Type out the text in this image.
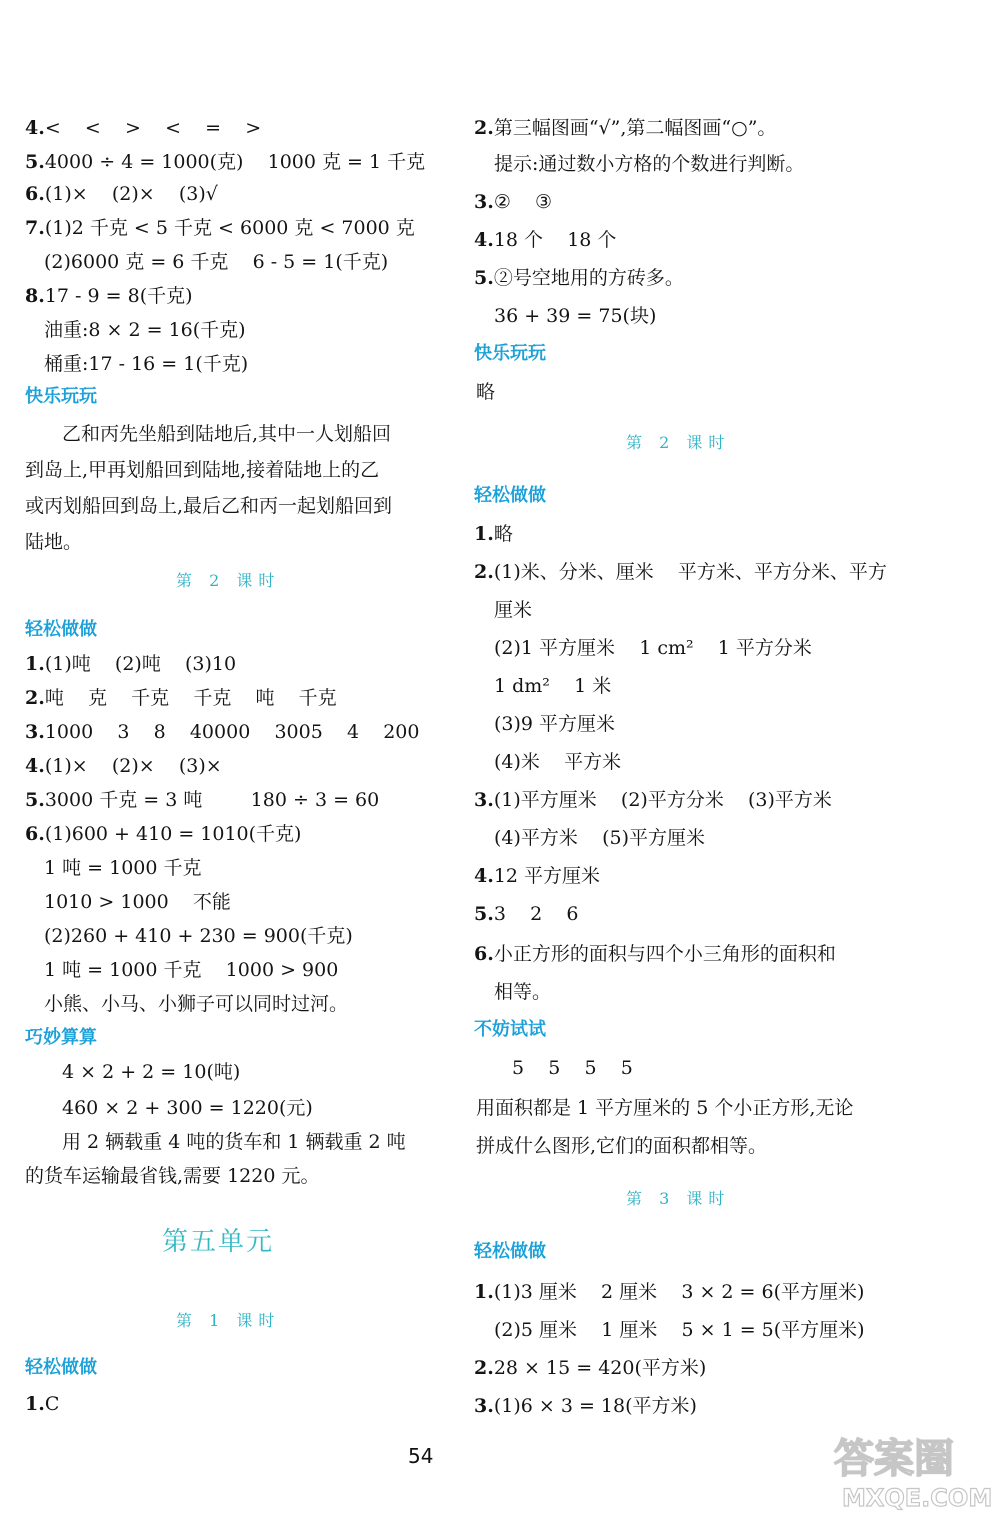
4.<    <    >    <    =    >
5.4000 ÷ 4 = 1000(克)    1000 克 = 1 千克
6.(1)×    (2)×    (3)√
7.(1)2 千克 < 5 千克 < 6000 克 < 7000 克
(2)6000 克 = 6 千克    6 - 5 = 1(千克)
8.17 - 9 = 8(千克)
油重:8 × 2 = 16(千克)
桶重:17 - 16 = 1(千克)
快乐玩玩
乙和丙先坐船到陆地后,其中一人划船回
到岛上,甲再划船回到陆地,接着陆地上的乙
或丙划船回到岛上,最后乙和丙一起划船回到
陆地。
第 2 课时
轻松做做
1.(1)吨    (2)吨    (3)10
2.吨    克    千克    千克    吨    千克
3.1000    3    8    40000    3005    4    200
4.(1)×    (2)×    (3)×
5.3000 千克 = 3 吨        180 ÷ 3 = 60
6.(1)600 + 410 = 1010(千克)
1 吨 = 1000 千克
1010 > 1000    不能
(2)260 + 410 + 230 = 900(千克)
1 吨 = 1000 千克    1000 > 900
小熊、小马、小狮子可以同时过河。
巧妙算算
4 × 2 + 2 = 10(吨)
460 × 2 + 300 = 1220(元)
用 2 辆载重 4 吨的货车和 1 辆载重 2 吨
的货车运输最省钱,需要 1220 元。
第五单元
第 1 课时
轻松做做
1.C
2.第三幅图画“√”,第二幅图画“○”。
提示:通过数小方格的个数进行判断。
3.②    ③
4.18 个    18 个
5.②号空地用的方砖多。
36 + 39 = 75(块)
快乐玩玩
略
第 2 课时
轻松做做
1.略
2.(1)米、分米、厘米    平方米、平方分米、平方
厘米
(2)1 平方厘米    1 cm²    1 平方分米
1 dm²    1 米
(3)9 平方厘米
(4)米    平方米
3.(1)平方厘米    (2)平方分米    (3)平方米
(4)平方米    (5)平方厘米
4.12 平方厘米
5.3    2    6
6.小正方形的面积与四个小三角形的面积和
相等。
不妨试试
5    5    5    5
用面积都是 1 平方厘米的 5 个小正方形,无论
拼成什么图形,它们的面积都相等。
第 3 课时
轻松做做
1.(1)3 厘米    2 厘米    3 × 2 = 6(平方厘米)
(2)5 厘米    1 厘米    5 × 1 = 5(平方厘米)
2.28 × 15 = 420(平方米)
3.(1)6 × 3 = 18(平方米)
54	答案圈
MXQE.COM
